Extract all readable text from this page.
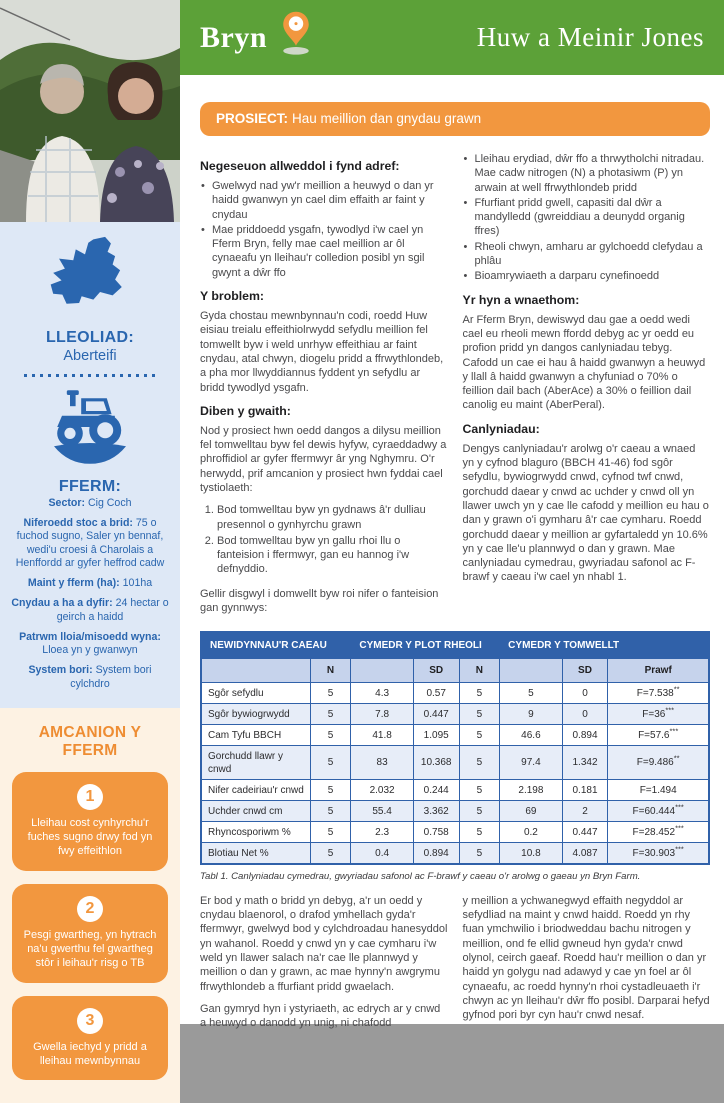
LLEOLIAD:
Aberteifi
FFERM:

Sector: Cig Coch

Niferoedd stoc a brid: 75 o fuchod sugno, Saler yn bennaf, wedi'u croesi â Charolais a Henffordd ar gyfer heffrod cadw

Maint y fferm (ha): 101ha

Cnydau a ha a dyfir: 24 hectar o geirch a haidd

Patrwm lloia/misoedd wyna: Lloea yn y gwanwyn

System bori: System bori cylchdro

AMCANION Y FFERM
1
Lleihau cost cynhyrchu'r fuches sugno drwy fod yn fwy effeithlon
2
Pesgi gwartheg, yn hytrach na'u gwerthu fel gwartheg stôr i leihau'r risg o TB
3
Gwella iechyd y pridd a lleihau mewnbynnau
Bryn	Huw a Meinir Jones
PROSIECT: Hau meillion dan gnydau grawn
Negeseuon allweddol i fynd adref:
• Gwelwyd nad yw'r meillion a heuwyd o dan yr haidd gwanwyn yn cael dim effaith ar faint y cnydau
• Mae priddoedd ysgafn, tywodlyd i'w cael yn Fferm Bryn, felly mae cael meillion ar ôl cynaeafu yn lleihau'r colledion posibl yn sgil gwynt a dŵr ffo
Y broblem:

Gyda chostau mewnbynnau'n codi, roedd Huw eisiau treialu effeithiolrwydd sefydlu meillion fel tomwellt byw i weld unrhyw effeithiau ar faint cnydau, atal chwyn, diogelu pridd a ffrwythlondeb, a pha mor llwyddiannus fyddent yn sefydlu ar bridd tywodlyd ysgafn.

Diben y gwaith:

Nod y prosiect hwn oedd dangos a dilysu meillion fel tomwelltau byw fel dewis hyfyw, cyraeddadwy a phroffidiol ar gyfer ffermwyr âr yng Nghymru. O'r herwydd, prif amcanion y prosiect hwn fyddai cael tystiolaeth:

1. Bod tomwelltau byw yn gydnaws â'r dulliau presennol o gynhyrchu grawn
2. Bod tomwelltau byw yn gallu rhoi llu o fanteision i ffermwyr, gan eu hannog i'w defnyddio.

Gellir disgwyl i domwellt byw roi nifer o fanteision gan gynnwys:

• Lleihau erydiad, dŵr ffo a thrwytholchi nitradau. Mae cadw nitrogen (N) a photasiwm (P) yn arwain at well ffrwythlondeb pridd
• Ffurfiant pridd gwell, capasiti dal dŵr a mandylledd (gwreiddiau a deunydd organig ffres)
• Rheoli chwyn, amharu ar gylchoedd clefydau a phlâu
• Bioamrywiaeth a darparu cynefinoedd
Yr hyn a wnaethom:

Ar Fferm Bryn, dewiswyd dau gae a oedd wedi cael eu rheoli mewn ffordd debyg ac yr oedd eu profion pridd yn dangos canlyniadau tebyg. Cafodd un cae ei hau â haidd gwanwyn a heuwyd y llall â haidd gwanwyn a chyfuniad o 70% o feillion dail bach (AberAce) a 30% o feillion dail canolig eu maint (AberPeral).

Canlyniadau:

Dengys canlyniadau'r arolwg o'r caeau a wnaed yn y cyfnod blaguro (BBCH 41-46) fod sgôr sefydlu, bywiogrwydd cnwd, cyfnod twf cnwd, gorchudd daear y cnwd ac uchder y cnwd oll yn llawer uwch yn y cae lle cafodd y meillion eu hau o dan y grawn o'i gymharu â'r cae cymharu. Roedd gorchudd daear y meillion ar gyfartaledd yn 10.6% yn y cae lle'u plannwyd o dan y grawn. Mae canlyniadau cymedrau, gwyriadau safonol ac F-brawf y caeau i'w cael yn nhabl 1.

NEWIDYNNAU'R CAEAU		CYMEDR Y PLOT RHEOLI			CYMEDR Y TOMWELLT		
	N		SD	N		SD	Prawf
Sgôr sefydlu	5	4.3	0.57	5	5	0	F=7.538**
Sgôr bywiogrwydd	5	7.8	0.447	5	9	0	F=36***
Cam Tyfu BBCH	5	41.8	1.095	5	46.6	0.894	F=57.6***
Gorchudd llawr y cnwd	5	83	10.368	5	97.4	1.342	F=9.486**
Nifer cadeiriau'r cnwd	5	2.032	0.244	5	2.198	0.181	F=1.494
Uchder cnwd cm	5	55.4	3.362	5	69	2	F=60.444***
Rhyncosporiwm %	5	2.3	0.758	5	0.2	0.447	F=28.452***
Blotiau Net %	5	0.4	0.894	5	10.8	4.087	F=30.903***
Tabl 1. Canlyniadau cymedrau, gwyriadau safonol ac F-brawf y caeau o'r arolwg o gaeau yn Bryn Farm.

Er bod y math o bridd yn debyg, a'r un oedd y cnydau blaenorol, o drafod ymhellach gyda'r ffermwyr, gwelwyd bod y cylchdroadau hanesyddol yn wahanol. Roedd y cnwd yn y cae cymharu i'w weld yn llawer salach na'r cae lle plannwyd y meillion o dan y grawn, ac mae hynny'n awgrymu ffrwythlondeb a ffurfiant pridd gwaelach.

Gan gymryd hyn i ystyriaeth, ac edrych ar y cnwd a heuwyd o danodd yn unig, ni chafodd

y meillion a ychwanegwyd effaith negyddol ar sefydliad na maint y cnwd haidd. Roedd yn rhy fuan ymchwilio i briodweddau bachu nitrogen y meillion, ond fe ellid gwneud hyn gyda'r cnwd olynol, ceirch gaeaf. Roedd hau'r meillion o dan yr haidd yn golygu nad adawyd y cae yn foel ar ôl cynaeafu, ac roedd hynny'n rhoi cystadleuaeth i'r chwyn ac yn lleihau'r dŵr ffo posibl. Darparai hefyd gyfnod pori byr cyn hau'r cnwd nesaf.
